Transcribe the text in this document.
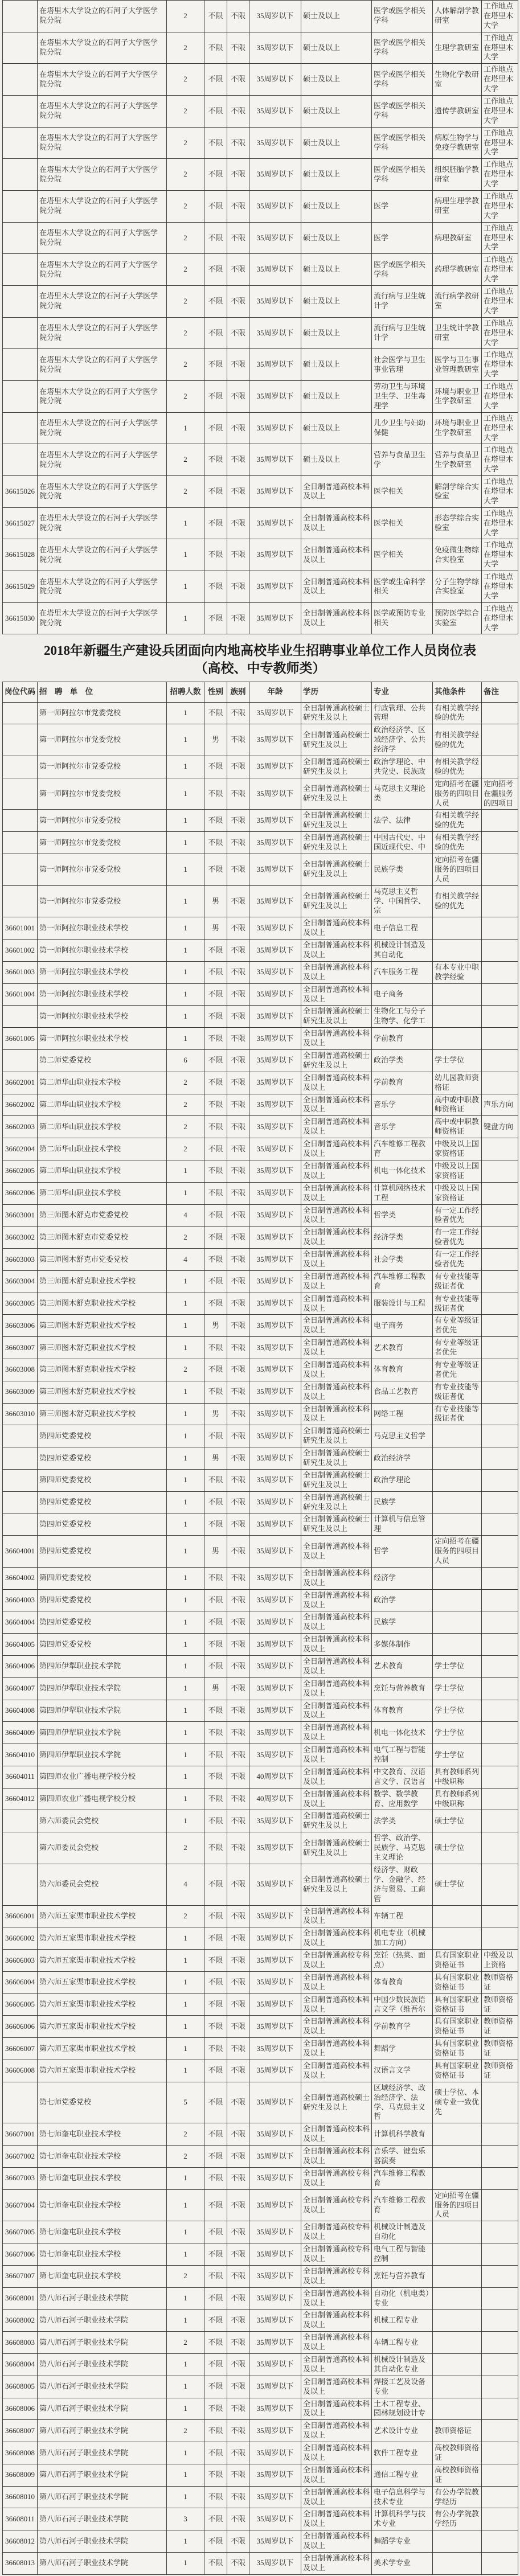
	在塔里木大学设立的石河子大学医学院分院	2	不限	不限	35周岁以下	硕士及以上	医学或医学相关学科	人体解剖学教研室	工作地点在塔里木大学
	在塔里木大学设立的石河子大学医学院分院	2	不限	不限	35周岁以下	硕士及以上	医学或医学相关学科	生理学教研室	工作地点在塔里木大学
	在塔里木大学设立的石河子大学医学院分院	2	不限	不限	35周岁以下	硕士及以上	医学或医学相关学科	生物化学教研室	工作地点在塔里木大学
	在塔里木大学设立的石河子大学医学院分院	2	不限	不限	35周岁以下	硕士及以上	医学或医学相关学科	遗传学教研室	工作地点在塔里木大学
	在塔里木大学设立的石河子大学医学院分院	2	不限	不限	35周岁以下	硕士及以上	医学或医学相关学科	病原生物学与免疫学教研室	工作地点在塔里木大学
	在塔里木大学设立的石河子大学医学院分院	2	不限	不限	35周岁以下	硕士及以上	医学或医学相关学科	组织胚胎学教研室	工作地点在塔里木大学
	在塔里木大学设立的石河子大学医学院分院	2	不限	不限	35周岁以下	硕士及以上	医学	病理生理学教研室	工作地点在塔里木大学
	在塔里木大学设立的石河子大学医学院分院	2	不限	不限	35周岁以下	硕士及以上	医学	病理教研室	工作地点在塔里木大学
	在塔里木大学设立的石河子大学医学院分院	2	不限	不限	35周岁以下	硕士及以上	医学或医学相关学科	药理学教研室	工作地点在塔里木大学
	在塔里木大学设立的石河子大学医学院分院	2	不限	不限	35周岁以下	硕士及以上	流行病与卫生统计学	流行病学教研室	工作地点在塔里木大学
	在塔里木大学设立的石河子大学医学院分院	2	不限	不限	35周岁以下	硕士及以上	流行病与卫生统计学	卫生统计学教研室	工作地点在塔里木大学
	在塔里木大学设立的石河子大学医学院分院	2	不限	不限	35周岁以下	硕士及以上	社会医学与卫生事业管理	医学与卫生事业管理教研室	工作地点在塔里木大学
	在塔里木大学设立的石河子大学医学院分院	2	不限	不限	35周岁以下	硕士及以上	劳动卫生与环境卫生学、卫生毒理学	环境与职业卫生学教研室	工作地点在塔里木大学
	在塔里木大学设立的石河子大学医学院分院	1	不限	不限	35周岁以下	硕士及以上	儿少卫生与妇幼保健	环境与职业卫生学教研室	工作地点在塔里木大学
	在塔里木大学设立的石河子大学医学院分院	2	不限	不限	35周岁以下	硕士及以上	营养与食品卫生学	营养与食品卫生学教研室	工作地点在塔里木大学
36615026	在塔里木大学设立的石河子大学医学院分院	2	不限	不限	35周岁以下	全日制普通高校本科及以上	医学相关	解剖学综合实验室	工作地点在塔里木大学
36615027	在塔里木大学设立的石河子大学医学院分院	1	不限	不限	35周岁以下	全日制普通高校本科及以上	医学相关	形态学综合实验室	工作地点在塔里木大学
36615028	在塔里木大学设立的石河子大学医学院分院	1	不限	不限	35周岁以下	全日制普通高校本科及以上	医学相关	免疫微生物综合实验室	工作地点在塔里木大学
36615029	在塔里木大学设立的石河子大学医学院分院	1	不限	不限	35周岁以下	全日制普通高校本科及以上	医学或生命科学相关	分子生物学综合实验室	工作地点在塔里木大学
36615030	在塔里木大学设立的石河子大学医学院分院	1	不限	不限	35周岁以下	全日制普通高校本科及以上	医学或预防专业相关	预防医学综合实验室	工作地点在塔里木大学
2018年新疆生产建设兵团面向内地高校毕业生招聘事业单位工作人员岗位表
（高校、中专教师类）
岗位代码	招 聘 单 位	招聘人数	性别	族别	年龄	学历	专业	其他条件	备注
	第一师阿拉尔市党委党校	1	不限	不限	35周岁以下	全日制普通高校硕士研究生及以上	行政管理、公共管理	有相关教学经验的优先	
	第一师阿拉尔市党委党校	1	男	不限	35周岁以下	全日制普通高校硕士研究生及以上	政治经济学、区域经济学、公共经济学	有相关教学经验的优先	
	第一师阿拉尔市党委党校	1	不限	不限	35周岁以下	全日制普通高校硕士研究生及以上	政治学理论、中共党史、民族政	有相关教学经验的优先	
	第一师阿拉尔市党委党校	1	不限	不限	35周岁以下	全日制普通高校硕士研究生及以上	马克思主义理论类	定向招考在疆服务的四项目人员	定向招考在疆服务的四项目
	第一师阿拉尔市党委党校	1	不限	不限	35周岁以下	全日制普通高校硕士研究生及以上	法学、法律	有相关教学经验的优先	
	第一师阿拉尔市党委党校	1	不限	不限	35周岁以下	全日制普通高校硕士研究生及以上	中国古代史、中国近现代史、中	有相关教学经验的优先	
	第一师阿拉尔市党委党校	1	不限	不限	35周岁以下	全日制普通高校硕士研究生及以上	民族学类	定向招考在疆服务的四项目人员	
	第一师阿拉尔市党委党校	1	男	不限	35周岁以下	全日制普通高校硕士研究生及以上	马克思主义哲学、中国哲学、宗	有相关教学经验的优先	
36601001	第一师阿拉尔职业技术学校	1	男	不限	35周岁以下	全日制普通高校本科及以上	电子信息工程		
36601002	第一师阿拉尔职业技术学校	1	不限	不限	35周岁以下	全日制普通高校本科及以上	机械设计制造及其自动化		
36601003	第一师阿拉尔职业技术学校	1	不限	不限	35周岁以下	全日制普通高校本科及以上	汽车服务工程	有本专业中职教学经验	
36601004	第一师阿拉尔职业技术学校	1	不限	不限	35周岁以下	全日制普通高校本科及以上	电子商务		
	第一师阿拉尔职业技术学校	1	不限	不限	35周岁以下	全日制普通高校硕士研究生及以上	生物化工与分子生物学、化学工		
36601005	第一师阿拉尔职业技术学校	1	不限	不限	35周岁以下	全日制普通高校本科及以上	学前教育		
	第二师党委党校	6	不限	不限	35周岁以下	全日制普通高校硕士研究生及以上	政治学类	学士学位	
36602001	第二师华山职业技术学校	2	不限	不限	35周岁以下	全日制普通高校本科及以上	学前教育	幼儿园教师资格证	
36602002	第二师华山职业技术学校	2	不限	不限	35周岁以下	全日制普通高校本科及以上	音乐学	高中或中职教师资格证	声乐方向
36602003	第二师华山职业技术学校	2	不限	不限	35周岁以下	全日制普通高校本科及以上	音乐学	高中或中职教师资格证	键盘方向
36602004	第二师华山职业技术学校	2	不限	不限	35周岁以下	全日制普通高校本科及以上	汽车维修工程教育	中级及以上国家资格证	
36602005	第二师华山职业技术学校	1	不限	不限	35周岁以下	全日制普通高校本科及以上	机电一体化技术	中级及以上国家资格证	
36602006	第二师华山职业技术学校	1	不限	不限	35周岁以下	全日制普通高校本科及以上	计算机网络技术工程	中级及以上国家资格证	
36603001	第三师图木舒克市党委党校	4	不限	不限	35周岁以下	全日制普通高校本科及以上	哲学类	有一定工作经验者优先	
36603002	第三师图木舒克市党委党校	2	不限	不限	35周岁以下	全日制普通高校本科及以上	经济学类	有一定工作经验者优先	
36603003	第三师图木舒克市党委党校	4	不限	不限	35周岁以下	全日制普通高校本科及以上	社会学类	有一定工作经验者优先	
36603004	第三师图木舒克职业技术学校	1	不限	不限	35周岁以下	全日制普通高校本科及以上	汽车维修工程教育	有专业技能等级证者优	
36603005	第三师图木舒克职业技术学校	1	不限	不限	35周岁以下	全日制普通高校本科及以上	服装设计与工程	有专业技能等级证者优	
36603006	第三师图木舒克职业技术学校	1	男	不限	35周岁以下	全日制普通高校本科及以上	电子商务	有专业等级证者优先	
36603007	第三师图木舒克职业技术学校	1	不限	不限	35周岁以下	全日制普通高校本科及以上	艺术教育	有专业等级证者优先	
36603008	第三师图木舒克职业技术学校	2	不限	不限	35周岁以下	全日制普通高校本科及以上	体育教育	有专业等级证者优先	
36603009	第三师图木舒克职业技术学校	1	不限	不限	35周岁以下	全日制普通高校本科及以上	食品工艺教育	有专业技能等级证者优	
36603010	第三师图木舒克职业技术学校	1	男	不限	35周岁以下	全日制普通高校本科及以上	网络工程	有专业技能等级证者优	
	第四师党委党校	1	不限	不限	35周岁以下	全日制普通高校硕士研究生及以上	马克思主义哲学		
	第四师党委党校	1	男	不限	35周岁以下	全日制普通高校硕士研究生及以上	政治经济学		
	第四师党委党校	1	不限	不限	35周岁以下	全日制普通高校硕士研究生及以上	政治学理论		
	第四师党委党校	1	不限	不限	35周岁以下	全日制普通高校硕士研究生及以上	民族学		
	第四师党委党校	1	不限	不限	35周岁以下	全日制普通高校硕士研究生及以上	计算机与信息管理		
36604001	第四师党委党校	1	男	不限	35周岁以下	全日制普通高校本科及以上	哲学	定向招考在疆服务的四项目人员	
36604002	第四师党委党校	1	不限	不限	35周岁以下	全日制普通高校本科及以上	经济学		
36604003	第四师党委党校	1	不限	不限	35周岁以下	全日制普通高校本科及以上	政治学		
36604004	第四师党委党校	1	不限	不限	35周岁以下	全日制普通高校本科及以上	民族学		
36604005	第四师党委党校	1	不限	不限	35周岁以下	全日制普通高校本科及以上	多媒体制作		
36604006	第四师伊犁职业技术学院	1	不限	不限	35周岁以下	全日制普通高校本科及以上	艺术教育	学士学位	
36604007	第四师伊犁职业技术学院	1	男	不限	35周岁以下	全日制普通高校本科及以上	烹饪与营养教育	学士学位	
36604008	第四师伊犁职业技术学院	1	不限	不限	35周岁以下	全日制普通高校本科及以上	体育教育	学士学位	
36604009	第四师伊犁职业技术学院	1	不限	不限	35周岁以下	全日制普通高校本科及以上	机电一体化技术	学士学位	
36604010	第四师伊犁职业技术学院	1	不限	不限	35周岁以下	全日制普通高校本科及以上	电气工程与智能控制	学士学位	
36604011	第四师农业广播电视学校分校	1	不限	不限	40周岁以下	全日制普通高校本科及以上	中文教育、汉语言文学、汉语言	具有教师系列中级职称	
36604012	第四师农业广播电视学校分校	1	不限	不限	40周岁以下	全日制普通高校本科及以上	数学、数学教育、应用数学	具有教师系列中级职称	
	第六师委员会党校	1	不限	不限	35周岁以下	全日制普通高校硕士研究生及以上	法学类	硕士学位	
	第六师委员会党校	2	不限	不限	35周岁以下	全日制普通高校硕士研究生及以上	哲学、政治学、民族学、马克思主义理论	硕士学位	
	第六师委员会党校	4	不限	不限	35周岁以下	全日制普通高校硕士研究生及以上	经济学、财政学、金融学、经济与贸易、工商管	硕士学位	
36606001	第六师五家渠市职业技术学校	2	不限	不限	35周岁以下	全日制普通高校本科及以上	车辆工程		
36606002	第六师五家渠市职业技术学校	1	不限	不限	35周岁以下	全日制普通高校本科及以上	机电专业（机械加工方向）		
36606003	第六师五家渠市职业技术学校	1	不限	不限	35周岁以下	全日制普通高校专科及以上	烹饪（热菜、面点）	具有国家职业资格证书	中级及以上资格
36606004	第六师五家渠市职业技术学校	1	不限	不限	35周岁以下	全日制普通高校本科及以上	体育教育	具有国家职业资格证书	教师资格证
36606005	第六师五家渠市职业技术学校	1	不限	不限	35周岁以下	全日制普通高校本科及以上	中国少数民族语言文学（维吾尔	具有国家职业资格证书	教师资格证
36606006	第六师五家渠市职业技术学校	1	不限	不限	35周岁以下	全日制普通高校本科及以上	学前教育学	具有国家职业资格证书	教师资格证
36606007	第六师五家渠市职业技术学校	1	不限	不限	35周岁以下	全日制普通高校本科及以上	舞蹈学	具有国家职业资格证书	教师资格证
36606008	第六师五家渠市职业技术学校	1	不限	不限	35周岁以下	全日制普通高校本科及以上	汉语言文学	具有国家职业资格证书	教师资格证
	第七师党委党校	5	不限	不限	35周岁以下	全日制普通高校硕士研究生及以上	区域经济学、政治经济学、法学、马克思主义哲	硕士学位、本硕专业一致优先	
36607001	第七师奎屯职业技术学校	2	不限	不限	35周岁以下	全日制普通高校本科及以上	计算机科学教育		
36607002	第七师奎屯职业技术学校	2	不限	不限	35周岁以下	全日制普通高校本科及以上	音乐学、键盘乐器演奏		
36607003	第七师奎屯职业技术学校	1	不限	不限	35周岁以下	全日制普通高校专科及以上	汽车维修工程教育		
36607004	第七师奎屯职业技术学校	1	不限	不限	35周岁以下	全日制普通高校专科及以上	汽车维修工程教育	定向招考在疆服务的四项目人员	
36607005	第七师奎屯职业技术学校	1	不限	不限	35周岁以下	全日制普通高校专科及以上	机械设计制造及自动化		
36607006	第七师奎屯职业技术学校	1	不限	不限	35周岁以下	全日制普通高校专科及以上	电气工程与智能控制		
36607007	第七师奎屯职业技术学校	2	不限	不限	35周岁以下	全日制普通高校专科及以上	烹饪与营养教育		
36608001	第八师石河子职业技术学院	1	不限	不限	35周岁以下	全日制普通高校本科及以上	自动化（机电类）专业		
36608002	第八师石河子职业技术学院	1	不限	不限	35周岁以下	全日制普通高校本科及以上	机械工程专业		
36608003	第八师石河子职业技术学院	2	不限	不限	35周岁以下	全日制普通高校本科及以上	车辆工程专业		
36608004	第八师石河子职业技术学院	1	不限	不限	35周岁以下	全日制普通高校本科及以上	机械设计制造及其自动化专业		
36608005	第八师石河子职业技术学院	1	不限	不限	35周岁以下	全日制普通高校本科及以上	焊接工艺及设备专业		
36608006	第八师石河子职业技术学院	1	不限	不限	35周岁以下	全日制普通高校本科及以上	土木工程专业、园林规划设计专		
36608007	第八师石河子职业技术学院	2	不限	不限	35周岁以下	全日制普通高校本科及以上	艺术设计专业	教师资格证	
36608008	第八师石河子职业技术学院	1	不限	不限	35周岁以下	全日制普通高校本科及以上	软件工程专业	高校教师资格证	
36608009	第八师石河子职业技术学院	1	不限	不限	35周岁以下	全日制普通高校本科及以上	通信工程专业	高校教师资格证	
36608010	第八师石河子职业技术学院	1	不限	不限	35周岁以下	全日制普通高校本科及以上	电子信息科学与技术专业	有公办学院教学经历	
36608011	第八师石河子职业技术学院	3	不限	不限	35周岁以下	全日制普通高校本科及以上	计算机科学与技术专业	有公办学院教学经历	
36608012	第八师石河子职业技术学院	1	不限	不限	35周岁以下	全日制普通高校本科及以上	舞蹈学专业		
36608013	第八师石河子职业技术学院	1	不限	不限	35周岁以下	全日制普通高校本科及以上	美术学专业		
